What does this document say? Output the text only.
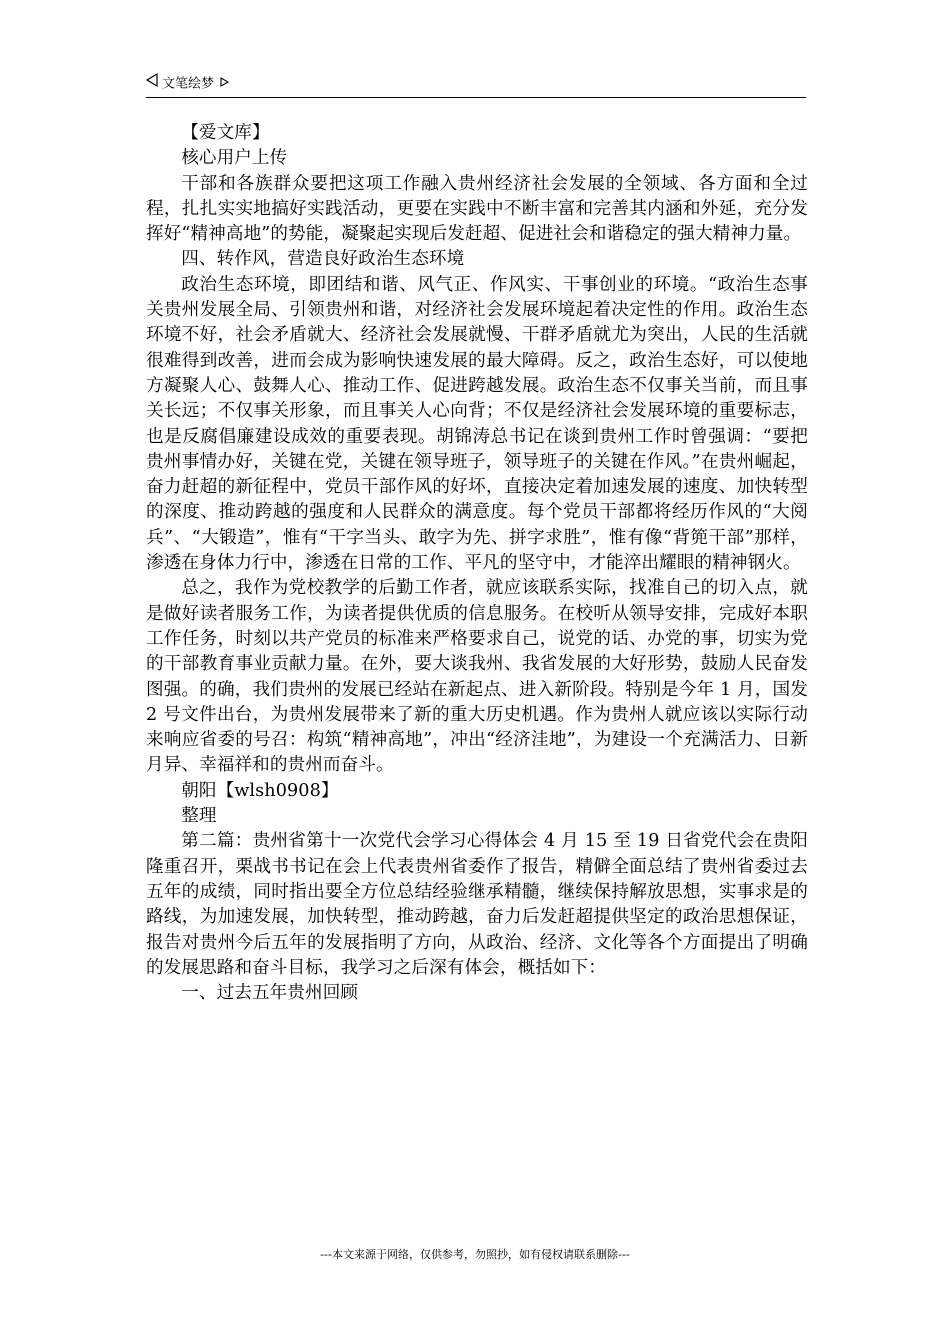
文笔绘梦

【爱文库】

核心用户上传

干部和各族群众要把这项工作融入贵州经济社会发展的全领域、各方面和全过程，扎扎实实地搞好实践活动，更要在实践中不断丰富和完善其内涵和外延，充分发挥好“精神高地”的势能，凝聚起实现后发赶超、促进社会和谐稳定的强大精神力量。

四、转作风，营造良好政治生态环境

政治生态环境，即团结和谐、风气正、作风实、干事创业的环境。“政治生态事关贵州发展全局、引领贵州和谐，对经济社会发展环境起着决定性的作用。政治生态环境不好，社会矛盾就大、经济社会发展就慢、干群矛盾就尤为突出，人民的生活就很难得到改善，进而会成为影响快速发展的最大障碍。反之，政治生态好，可以使地方凝聚人心、鼓舞人心、推动工作、促进跨越发展。政治生态不仅事关当前，而且事关长远；不仅事关形象，而且事关人心向背；不仅是经济社会发展环境的重要标志，也是反腐倡廉建设成效的重要表现。胡锦涛总书记在谈到贵州工作时曾强调：“要把贵州事情办好，关键在党，关键在领导班子，领导班子的关键在作风。”在贵州崛起，奋力赶超的新征程中，党员干部作风的好坏，直接决定着加速发展的速度、加快转型的深度、推动跨越的强度和人民群众的满意度。每个党员干部都将经历作风的“大阅兵”、“大锻造”，惟有“干字当头、敢字为先、拼字求胜”，惟有像“背篼干部”那样，渗透在身体力行中，渗透在日常的工作、平凡的坚守中，才能淬出耀眼的精神钢火。

总之，我作为党校教学的后勤工作者，就应该联系实际，找准自己的切入点，就是做好读者服务工作，为读者提供优质的信息服务。在校听从领导安排，完成好本职工作任务，时刻以共产党员的标准来严格要求自己，说党的话、办党的事，切实为党的干部教育事业贡献力量。在外，要大谈我州、我省发展的大好形势，鼓励人民奋发图强。的确，我们贵州的发展已经站在新起点、进入新阶段。特别是今年 1 月，国发 2 号文件出台，为贵州发展带来了新的重大历史机遇。作为贵州人就应该以实际行动来响应省委的号召：构筑“精神高地”，冲出“经济洼地”，为建设一个充满活力、日新月异、幸福祥和的贵州而奋斗。

朝阳【wlsh0908】

整理

第二篇：贵州省第十一次党代会学习心得体会 4 月 15 至 19 日省党代会在贵阳隆重召开，栗战书书记在会上代表贵州省委作了报告，精僻全面总结了贵州省委过去五年的成绩，同时指出要全方位总结经验继承精髓，继续保持解放思想，实事求是的路线，为加速发展，加快转型，推动跨越，奋力后发赶超提供坚定的政治思想保证，报告对贵州今后五年的发展指明了方向，从政治、经济、文化等各个方面提出了明确的发展思路和奋斗目标，我学习之后深有体会，概括如下：

一、过去五年贵州回顾

---本文来源于网络，仅供参考，勿照抄，如有侵权请联系删除---
